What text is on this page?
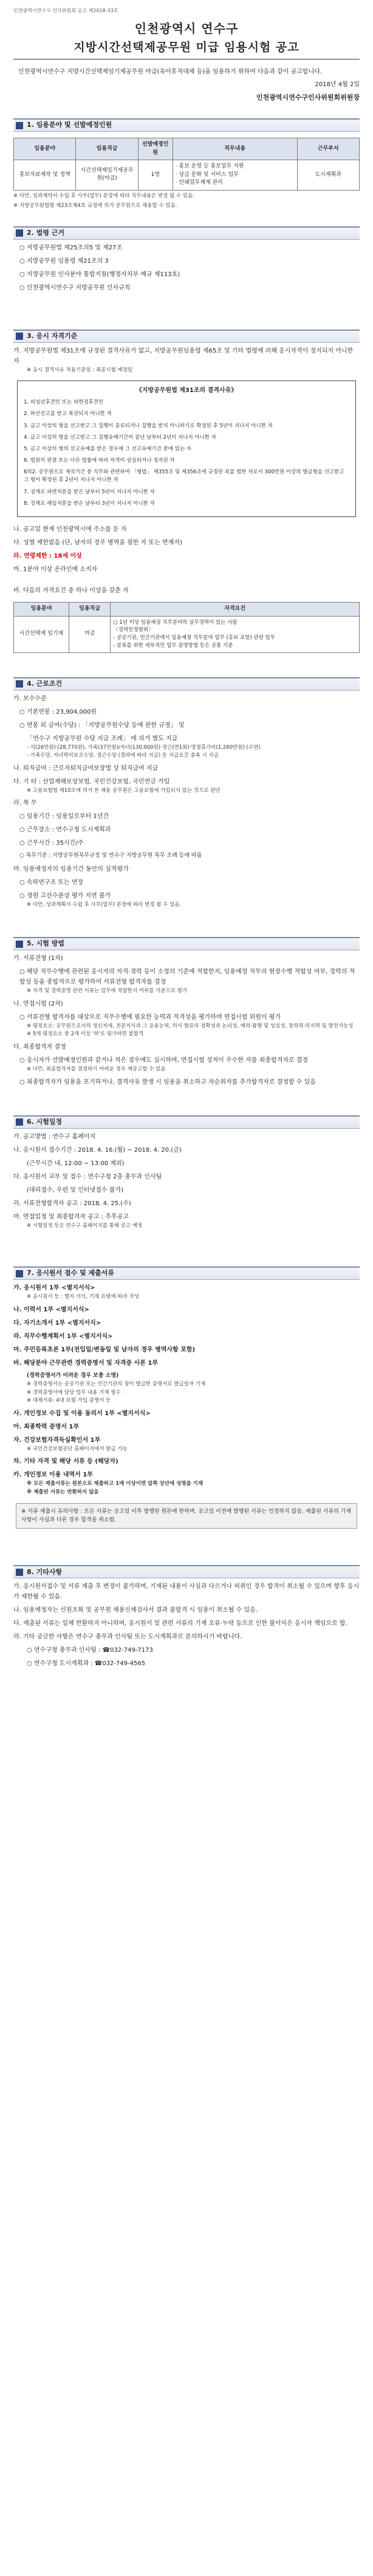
인천광역시연수구 인사위원회 공고 제2018-33호
인천광역시 연수구
지방시간선택제공무원 미급 임용시험 공고
인천광역시연수구 지방시간선택제임기제공무원 마급(육아휴직대체 등)을 임용하기 위하여 다음과 같이 공고합니다.
2018년 4월 2일
인천광역시연수구인사위원회위원장
1. 임용분야 및 선발예정인원
임용분야	임용직급	선발예정인원	직무내용	근무부서
홍보자료제작 및 정책	시간선택제임기제공무원(마급)	1명	· 홍보 운영 등 홍보업무 지원
· 상급 문화 및 서비스 업무
· 인쇄업무체계 관리	도시계획과
※ 다만, 성과계약서 수립 후 사무(업무) 분장에 따라 직무내용은 변경 될 수 있음.
※ 지방공무원법령 제23조제4호 규정에 의거 공무원으로 채용할 수 있음.
2. 법령 근거
○ 지방공무원법 제25조의5 및 제27조
○ 지방공무원 임용령 제21조의 3
○ 지방공무원 인사분야 통합지침(행정자치부 예규 제113호)
○ 인천광역시연수구 지방공무원 인사규칙
3. 응시 자격기준
가. 지방공무원법 제31조에 규정된 결격사유가 없고, 지방공무원임용령 제65조 및 기타 법령에 의해 응시자격이 정지되지 아니한 자
※ 응시 결격사유 적용기준일 : 최종시험 예정일
《지방공무원법 제31조의 결격사유》
1. 피성년후견인 또는 피한정후견인
2. 파산선고를 받고 복권되지 아니한 자
3. 금고 이상의 형을 선고받고 그 집행이 종료되거나 집행을 받지 아니하기로 확정된 후 5년이 지나지 아니한 자
4. 금고 이상의 형을 선고받고 그 집행유예기간이 끝난 날부터 2년이 지나지 아니한 자
5. 금고 이상의 형의 선고유예를 받은 경우에 그 선고유예기간 중에 있는 자
6. 법원의 판결 또는 다른 법률에 따라 자격이 상실되거나 정지된 자
6의2. 공무원으로 재직기간 중 직무와 관련하여 「형법」 제355조 및 제356조에 규정된 죄를 범한 자로서 300만원 이상의 벌금형을 선고받고 그 형이 확정된 후 2년이 지나지 아니한 자
7. 징계로 파면처분을 받은 날부터 5년이 지나지 아니한 자
8. 징계로 해임처분을 받은 날부터 3년이 지나지 아니한 자
나. 공고일 현재 인천광역시에 주소를 둔 자
다. 성별 제한없음 (단, 남자의 경우 병역을 필한 자 또는 면제자)
라. 연령제한 : 18세 이상
마. 1분야 이상 온라인에 소지자
바. 다음의 자격요건 중 하나 이상을 갖춘 자
임용분야	임용직급	자격요건
시간선택제 임기제	마급	○ 1년 이상 임용예정 직무분야의 실무경력이 있는 사람
〈경력인정범위〉
- 공공기관, 민간기관에서 임용예정 직무분야 업무 (홍보 포함) 관련 업무
- 분류를 위한 세부적인 업무 증명방법 등은 공통 기준
4. 근로조건
가. 보수수준
○ 기본연봉 : 23,904,000원
○ 연봉 외 급여(수당) : 「지방공무원수당 등에 관한 규정」 및
「연수구 지방공무원 수당 지급 조례」 에 의거 별도 지급
- 식(26만원)·(28,770원), 가족(37만원)/자녀(130,000원)·정근(연1회)·명절휴가비(1,260만원)·(수연)
- 가족수당, 자녀학비보조수당, 정근수당 (결과에 따라 지급) 등 지급요건 충족 시 지급
나. 퇴직급여 : 근로자퇴직급여보장법 상 퇴직급여 지급
다. 기 타 : 산업재해보상보험, 국민건강보험, 국민연금 가입
※ 고용보험법 제10조에 의거 본 채용 공무원은 고용보험에 가입되지 않는 것으로 판단
라. 복 무
○ 임용기간 : 임용일로부터 1년간
○ 근무장소 : 연수구청 도시계획과
○ 근무시간 : 35시간/주
○ 복무기준 : 지방공무원복무규정 및 연수구 지방공무원 복무 조례 등에 따름
마. 임용예정자의 임용기간 동안의 실적평가
○ 속하연구조 또는 연장
○ 정원 고산수분상 평가 지연 불가
※ 다만, 성과계획서 수립 후 사무(업무) 분장에 따라 변경 될 수 있음.
5. 시험 방법
가. 서류전형 (1차)
○ 해당 직무수행에 관련된 응시자의 자격·경력 등이 소정의 기준에 적합한지, 임용예정 직무의 현장수행 적합성 여부, 경력의 적합성 등을 종합적으로 평가하여 서류전형 합격자를 결정
※ 자격 및 경력증명 관련 서류는 업무에 적합한지 여부를 기준으로 평가
나. 면접시험 (2차)
○ 서류전형 합격자를 대상으로 직무수행에 필요한 능력과 적격성을 평가하며 면접시험 위원이 평가
※ 평정요소: 공무원으로서의 정신자세, 전문지식과 그 응용능력, 의사 발표의 정확성과 논리성, 예의·품행 및 성실성, 창의력·의지력 및 발전가능성
※ 5개 평정요소 중 2개 이상 '하'로 평가하면 불합격
다. 최종합격자 결정
○ 응시자가 선발예정인원과 같거나 적은 경우에도 실시하며, 면접시험 성적이 우수한 자를 최종합격자로 결정
※ 다만, 최종합격자를 결정하기 어려운 경우 재공고할 수 있음
○ 최종합격자가 임용을 포기하거나, 결격사유 발생 시 임용을 취소하고 차순위자를 추가합격자로 결정할 수 있음
6. 시험일정
가. 공고방법 : 연수구 홈페이지
나. 응시원서 접수기간 : 2018. 4. 16.(월) ~ 2018. 4. 20.(금)
(근무시간 내, 12:00 ~ 13:00 제외)
다. 응시원서 교부 및 접수 : 연수구청 2층 총무과 인사팀
(대리접수, 우편 및 인터넷접수 불가)
라. 서류전형합격자 공고 : 2018. 4. 25.(수)
마. 면접일정 및 최종합격자 공고 : 추후공고
※ 시험일정 등은 연수구 홈페이지를 통해 공고 예정
7. 응시원서 접수 및 제출서류
가. 응시원서 1부 <별지서식>
※ 응시원서 등 : 별지 서식, 기재 요령에 따라 작성
나. 이력서 1부 <별지서식>
다. 자기소개서 1부 <별지서식>
라. 직무수행계획서 1부 <별지서식>
마. 주민등록초본 1부(전입일/변동일 및 남자의 경우 병역사항 포함)
바. 해당분야 근무관련 경력증명서 및 자격증 사본 1부
(경력증명서가 어려운 경우 보충 소명)
※ 경력증명서는 공공기관 또는 민간기관의 장이 발급한 증명서로 발급일자 기재
※ 경력증명서에 담당 업무 내용 기재 필수
※ 대체서류: 4대 보험 가입 증명서 등
사. 개인정보 수집 및 이용 동의서 1부 <별지서식>
아. 최종학력 증명서 1부
자. 건강보험자격득실확인서 1부
※ 국민건강보험공단 홈페이지에서 발급 가능
차. 기타 자격 및 해당 서류 등 (해당자)
카. 개인정보 이용 내역서 1부
※ 모든 제출서류는 원본으로 제출하고 1매 이상이면 앞쪽 상단에 성명을 기재
※ 제출된 서류는 반환하지 않음
※ 서류 제출시 유의사항 : 모든 서류는 공고일 이후 발행된 원본에 한하며, 공고일 이전에 발행된 서류는 인정하지 않음. 제출된 서류의 기재사항이 사실과 다른 경우 합격을 취소함.
8. 기타사항
가. 응시원서접수 및 서류 제출 후 변경이 불가하며, 기재된 내용이 사실과 다르거나 허위인 경우 합격이 취소될 수 있으며 향후 응시가 제한될 수 있음.
나. 임용예정자는 신원조회 및 공무원 채용신체검사서 결과 불합격 시 임용이 취소될 수 있음.
다. 제출된 서류는 일체 반환하지 아니하며, 응시원서 및 관련 서류의 기재 오류·누락 등으로 인한 불이익은 응시자 책임으로 함.
라. 기타 궁금한 사항은 연수구 총무과 인사팀 또는 도시계획과로 문의하시기 바랍니다.
○ 연수구청 총무과 인사팀 : ☎032-749-7173
○ 연수구청 도시계획과 : ☎032-749-4565
